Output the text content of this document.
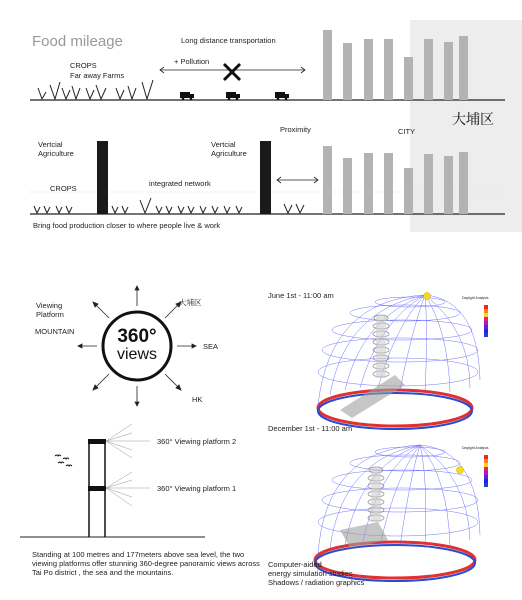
Food mileage	Long distance transportation
+ Pollution
CROPS
Far away Farms
Vertcial
Agriculture
Vertcial
Agriculture
Proximity	CITY
大埔区
CROPS
integrated network
Bring food production closer to where people live & work
360°
views
Viewing
Platform
大埔区
MOUNTAIN
SEA
HK
360° Viewing platform 2
360° Viewing platform 1
Standing at 100 metres and 177meters above sea level, the two viewing platforms offer stunning 360-degree panoramic views across Tai Po district , the sea and the mountains.
June 1st - 11:00 am
December 1st - 11:00 am
Daylight Analysis
Daylight Analysis
Computer-aided
energy simulation studies
Shadows / radiation graphics
